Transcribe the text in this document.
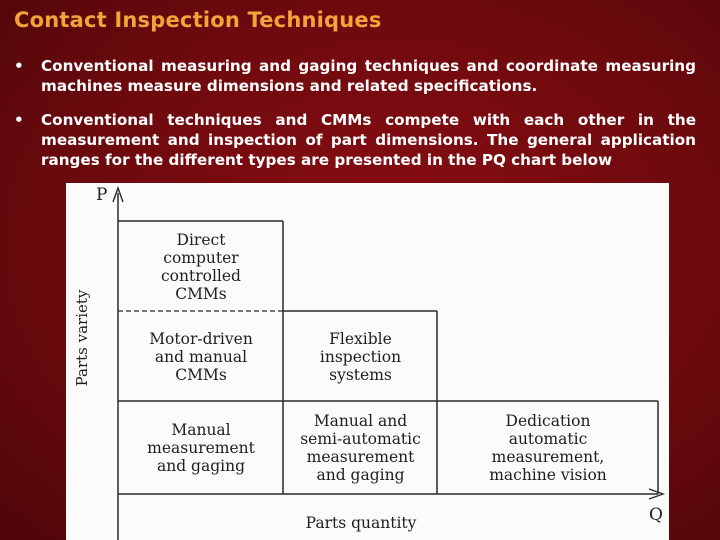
Contact Inspection Techniques
• Conventional measuring and gaging techniques and coordinate measuring machines measure dimensions and related specifications.
• Conventional techniques and CMMs compete with each other in the measurement and inspection of part dimensions. The general application ranges for the different types are presented in the PQ chart below
P
Q
Parts variety
Parts quantity
Direct
computer
controlled
CMMs
Motor-driven
and manual
CMMs
Flexible
inspection
systems
Manual
measurement
and gaging
Manual and
semi-automatic
measurement
and gaging
Dedication
automatic
measurement,
machine vision
